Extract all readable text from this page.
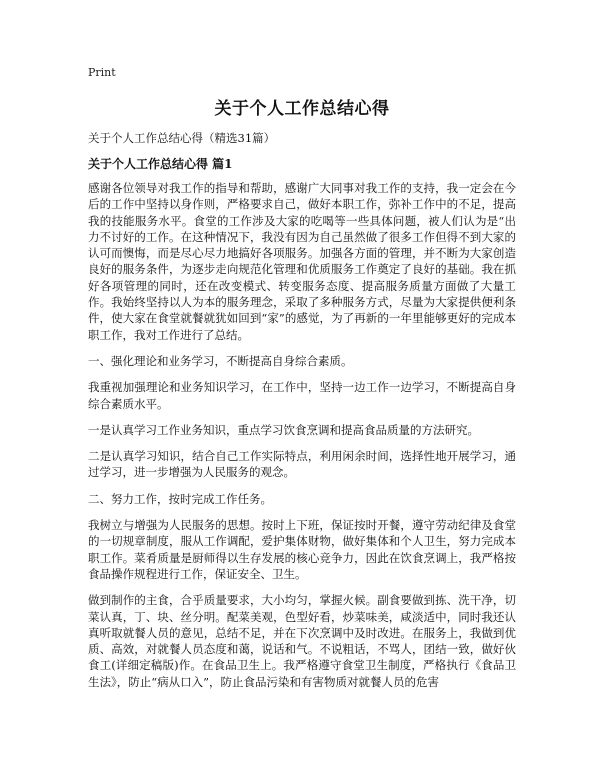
Print
关于个人工作总结心得

关于个人工作总结心得（精选31篇）

关于个人工作总结心得 篇1

感谢各位领导对我工作的指导和帮助，感谢广大同事对我工作的支持，我一定会在今后的工作中坚持以身作则，严格要求自己，做好本职工作，弥补工作中的不足，提高我的技能服务水平。食堂的工作涉及大家的吃喝等一些具体问题，被人们认为是“出力不讨好的工作。在这种情况下，我没有因为自己虽然做了很多工作但得不到大家的认可而懊悔，而是尽心尽力地搞好各项服务。加强各方面的管理，并不断为大家创造良好的服务条件，为逐步走向规范化管理和优质服务工作奠定了良好的基础。我在抓好各项管理的同时，还在改变模式、转变服务态度、提高服务质量方面做了大量工作。我始终坚持以人为本的服务理念，采取了多种服务方式，尽量为大家提供便利条件，使大家在食堂就餐就犹如回到“家”的感觉，为了再新的一年里能够更好的完成本职工作，我对工作进行了总结。

一、强化理论和业务学习，不断提高自身综合素质。

我重视加强理论和业务知识学习，在工作中，坚持一边工作一边学习，不断提高自身综合素质水平。

一是认真学习工作业务知识，重点学习饮食烹调和提高食品质量的方法研究。

二是认真学习知识，结合自己工作实际特点，利用闲余时间，选择性地开展学习，通过学习，进一步增强为人民服务的观念。

二、努力工作，按时完成工作任务。

我树立与增强为人民服务的思想。按时上下班，保证按时开餐，遵守劳动纪律及食堂的一切规章制度，服从工作调配，爱护集体财物，做好集体和个人卫生，努力完成本职工作。菜肴质量是厨师得以生存发展的核心竞争力，因此在饮食烹调上，我严格按食品操作规程进行工作，保证安全、卫生。

做到制作的主食，合乎质量要求，大小均匀，掌握火候。副食要做到拣、洗干净，切菜认真，丁、块、丝分明。配菜美观，色型好看，炒菜味美，咸淡适中，同时我还认真听取就餐人员的意见，总结不足，并在下次烹调中及时改进。在服务上，我做到优质、高效，对就餐人员态度和蔼，说话和气。不说粗话，不骂人，团结一致，做好伙食工(详细定稿版)作。在食品卫生上。我严格遵守食堂卫生制度，严格执行《食品卫生法》，防止“病从口入”，防止食品污染和有害物质对就餐人员的危害
